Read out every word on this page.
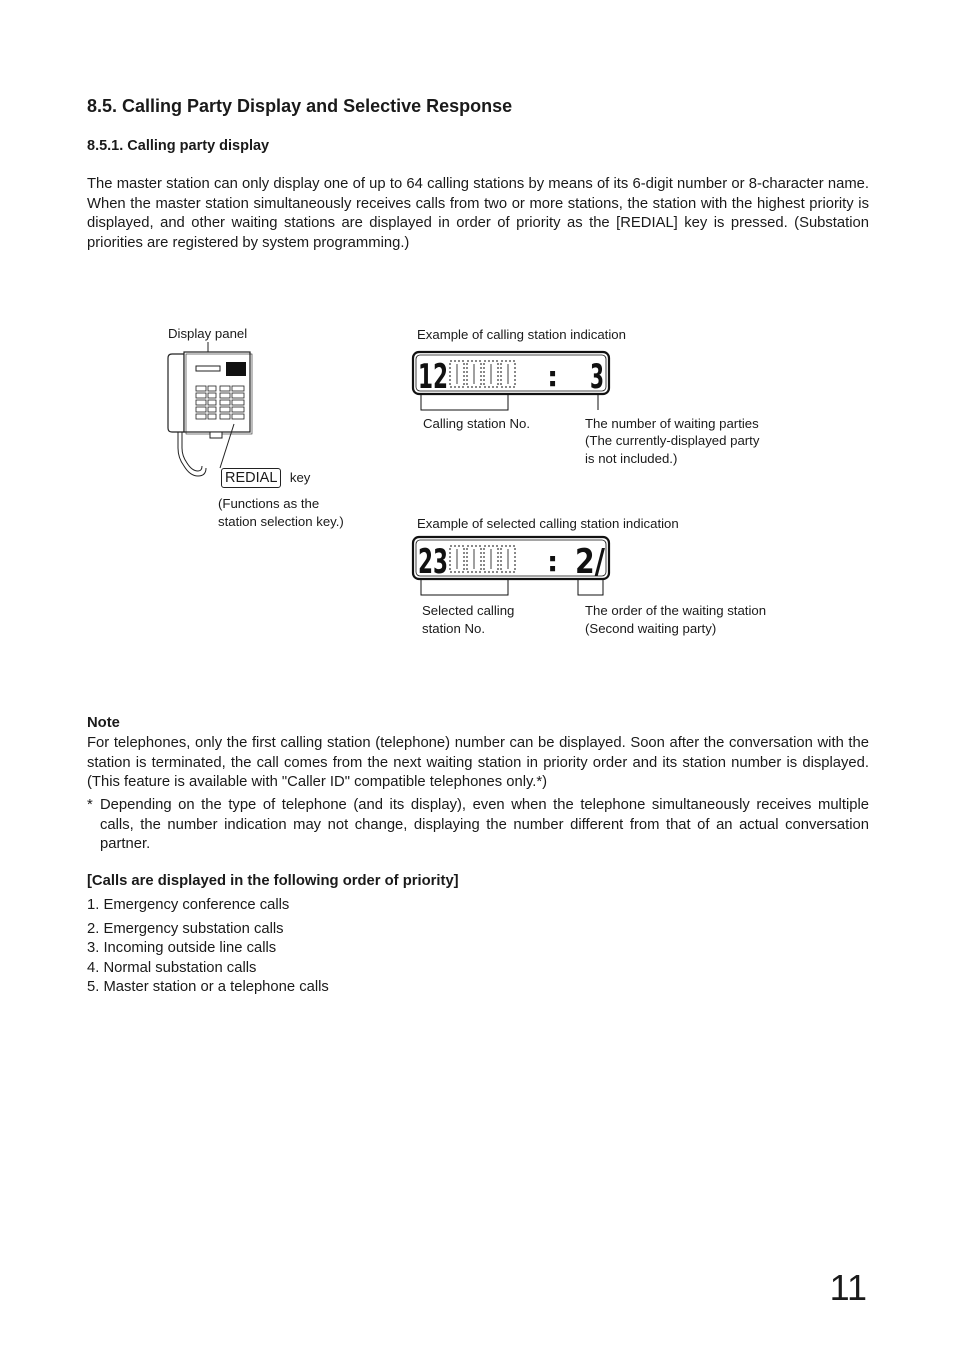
8.5. Calling Party Display and Selective Response
8.5.1. Calling party display
The master station can only display one of up to 64 calling stations by means of its 6-digit number or 8-character name. When the master station simultaneously receives calls from two or more stations, the station with the highest priority is displayed, and other waiting stations are displayed in order of priority as the [REDIAL] key is pressed. (Substation priorities are registered by system programming.)
Display panel
REDIAL key
(Functions as the
station selection key.)
Example of calling station indication
12	: 3
Calling station No.	The number of waiting parties
(The currently-displayed party
is not included.)
Example of selected calling station indication
23	: 2/
Selected calling
station No.
The order of the waiting station
(Second waiting party)
Note
For telephones, only the first calling station (telephone) number can be displayed. Soon after the conversation with the station is terminated, the call comes from the next waiting station in priority order and its station number is displayed. (This feature is available with "Caller ID" compatible telephones only.*)
* Depending on the type of telephone (and its display), even when the telephone simultaneously receives multiple calls, the number indication may not change, displaying the number different from that of an actual conversation partner.
[Calls are displayed in the following order of priority]
1. Emergency conference calls
2. Emergency substation calls
3. Incoming outside line calls
4. Normal substation calls
5. Master station or a telephone calls
11
